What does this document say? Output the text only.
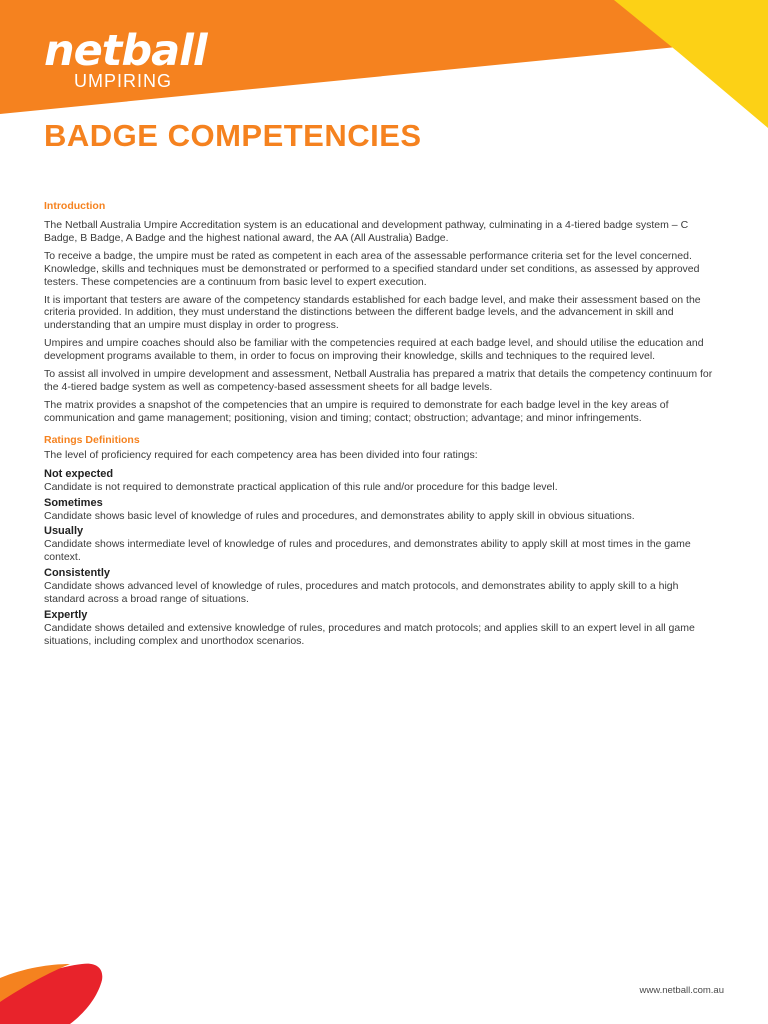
netball
UMPIRING
BADGE COMPETENCIES
Introduction

The Netball Australia Umpire Accreditation system is an educational and development pathway, culminating in a 4-tiered badge system – C Badge, B Badge, A Badge and the highest national award, the AA (All Australia) Badge.

To receive a badge, the umpire must be rated as competent in each area of the assessable performance criteria set for the level concerned. Knowledge, skills and techniques must be demonstrated or performed to a specified standard under set conditions, as assessed by approved testers. These competencies are a continuum from basic level to expert execution.

It is important that testers are aware of the competency standards established for each badge level, and make their assessment based on the criteria provided. In addition, they must understand the distinctions between the different badge levels, and the advancement in skill and understanding that an umpire must display in order to progress.

Umpires and umpire coaches should also be familiar with the competencies required at each badge level, and should utilise the education and development programs available to them, in order to focus on improving their knowledge, skills and techniques to the required level.

To assist all involved in umpire development and assessment, Netball Australia has prepared a matrix that details the competency continuum for the 4-tiered badge system as well as competency-based assessment sheets for all badge levels.

The matrix provides a snapshot of the competencies that an umpire is required to demonstrate for each badge level in the key areas of communication and game management; positioning, vision and timing; contact; obstruction; advantage; and minor infringements.

Ratings Definitions

The level of proficiency required for each competency area has been divided into four ratings:

Not expected

Candidate is not required to demonstrate practical application of this rule and/or procedure for this badge level.

Sometimes

Candidate shows basic level of knowledge of rules and procedures, and demonstrates ability to apply skill in obvious situations.

Usually

Candidate shows intermediate level of knowledge of rules and procedures, and demonstrates ability to apply skill at most times in the game context.

Consistently

Candidate shows advanced level of knowledge of rules, procedures and match protocols, and demonstrates ability to apply skill to a high standard across a broad range of situations.

Expertly

Candidate shows detailed and extensive knowledge of rules, procedures and match protocols; and applies skill to an expert level in all game situations, including complex and unorthodox scenarios.

www.netball.com.au
